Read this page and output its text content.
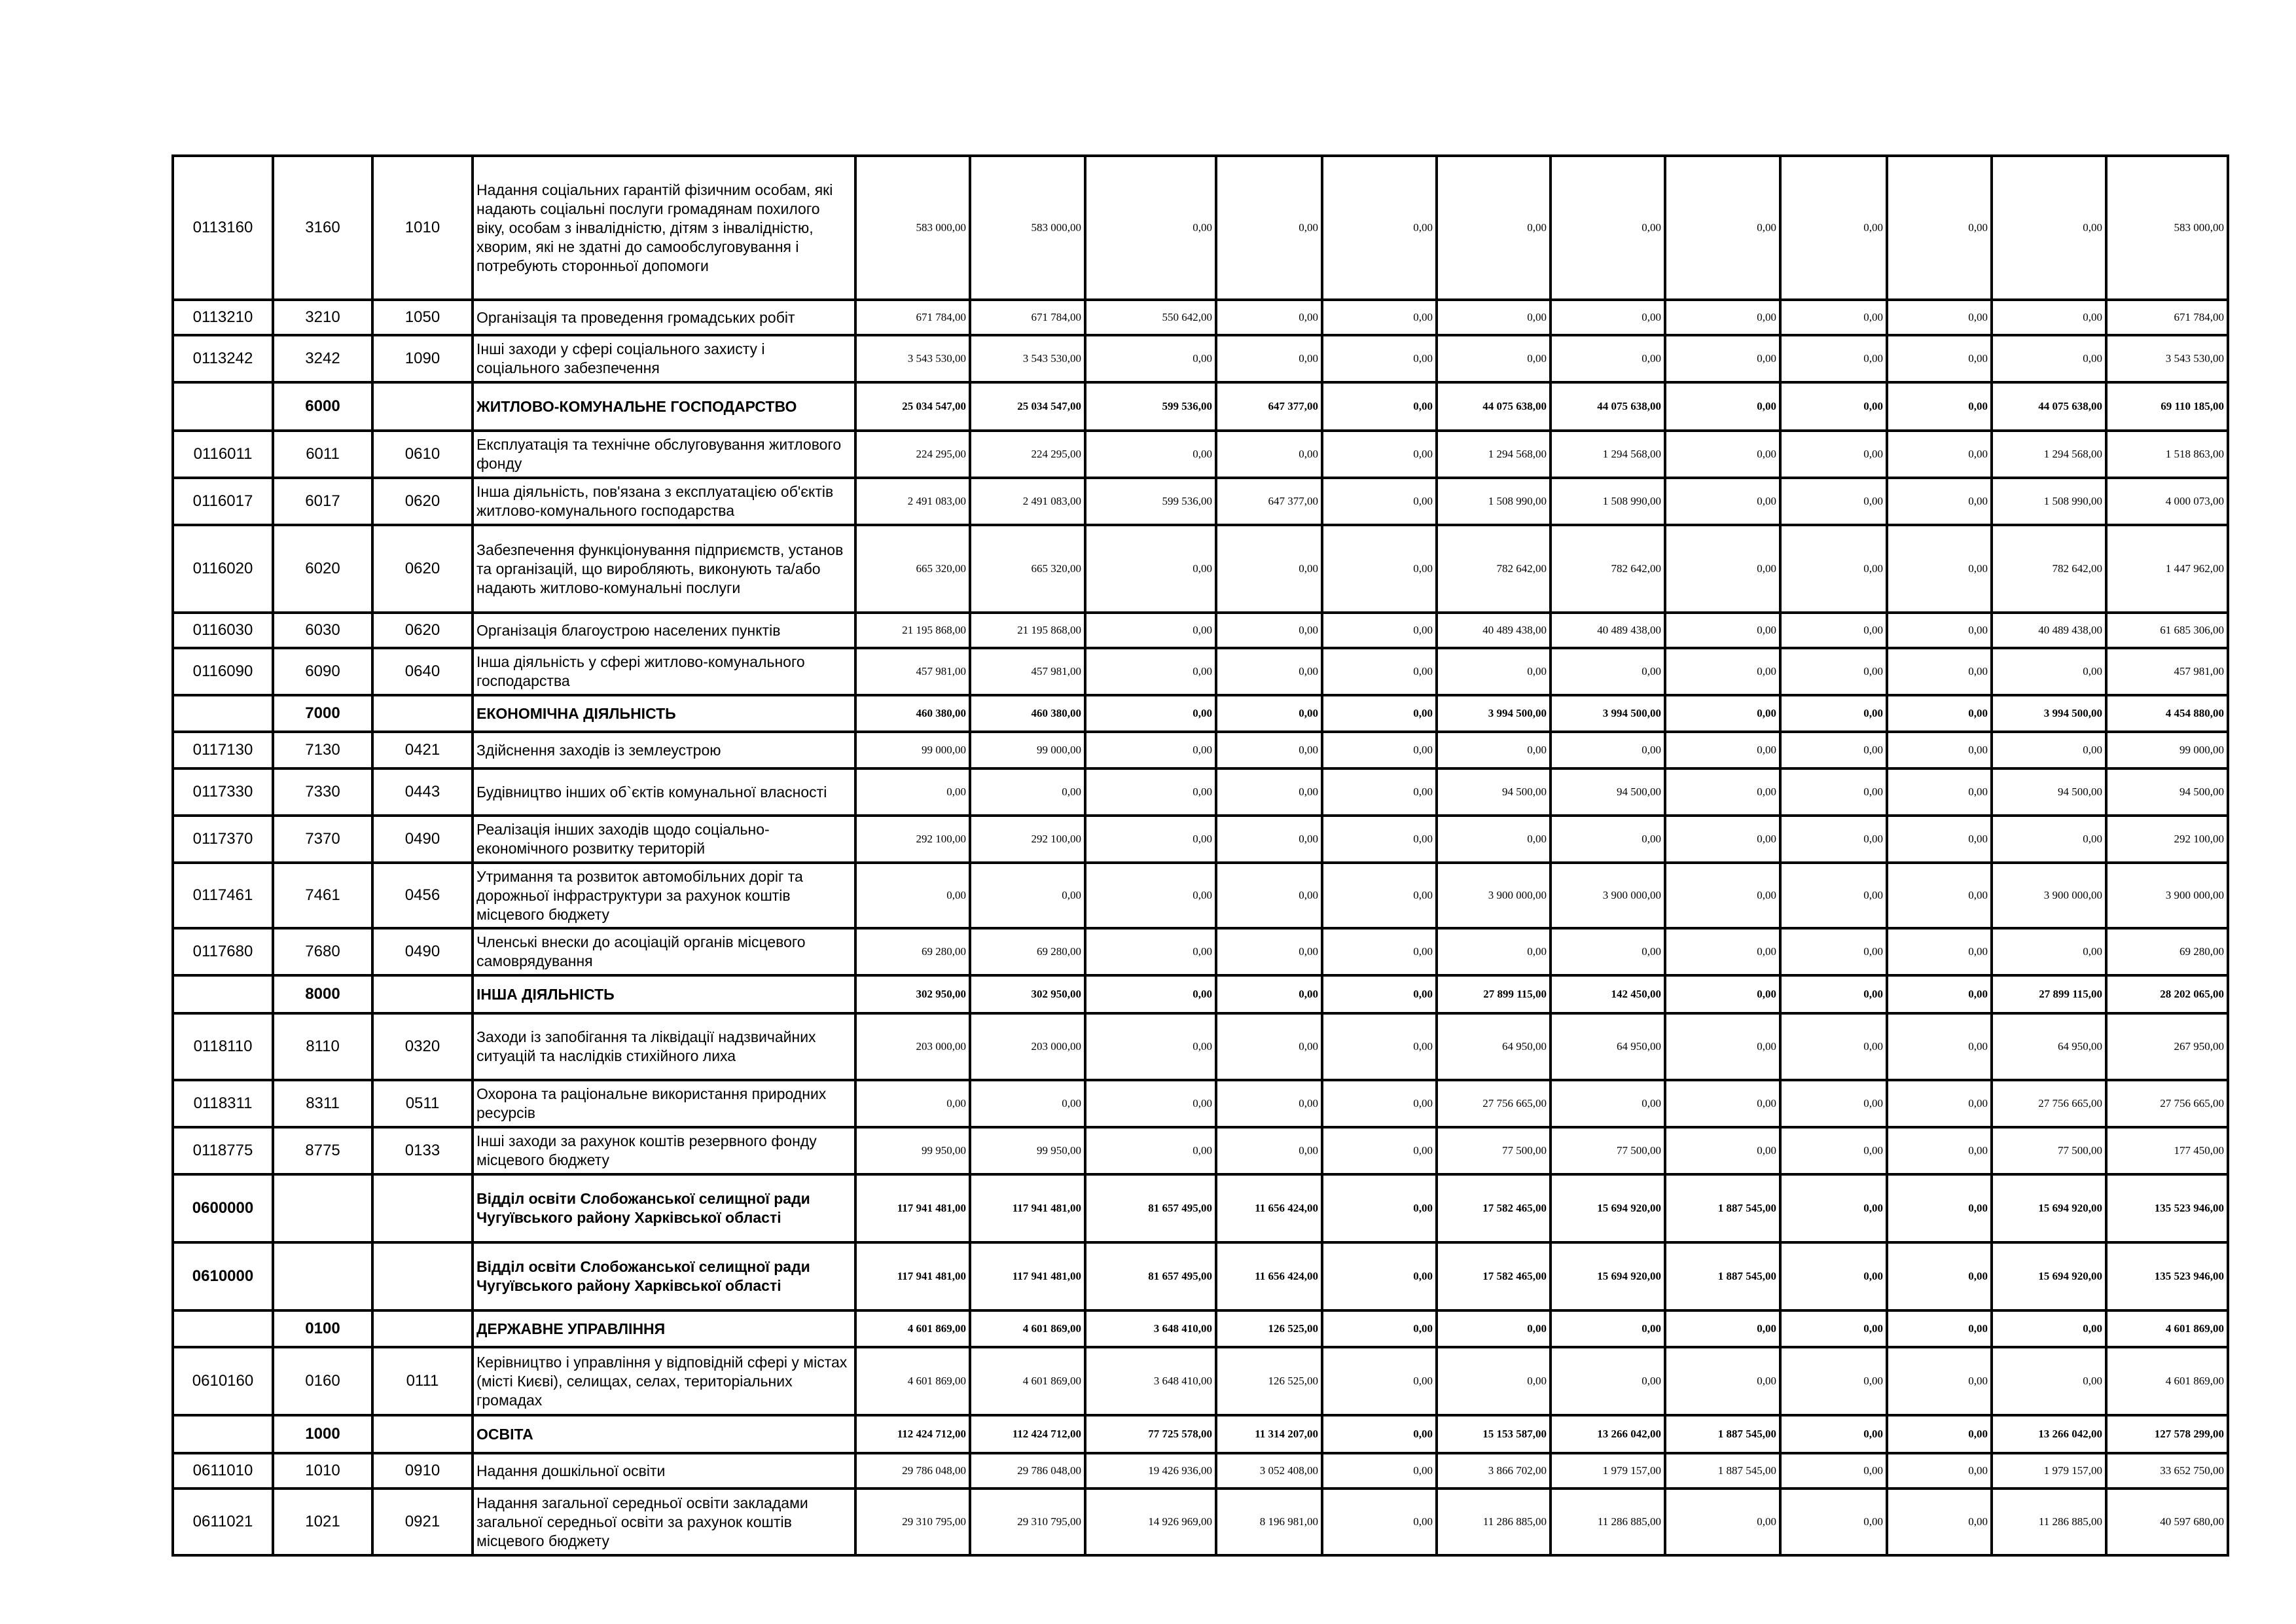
0113160	3160	1010	Надання соціальних гарантій фізичним особам, які надають соціальні послуги громадянам похилого віку, особам з інвалідністю, дітям з інвалідністю, хворим, які не здатні до самообслуговування і потребують сторонньої допомоги	583 000,00	583 000,00	0,00	0,00	0,00	0,00	0,00	0,00	0,00	0,00	0,00	583 000,00
0113210	3210	1050	Організація та проведення громадських робіт	671 784,00	671 784,00	550 642,00	0,00	0,00	0,00	0,00	0,00	0,00	0,00	0,00	671 784,00
0113242	3242	1090	Інші заходи у сфері соціального захисту і соціального забезпечення	3 543 530,00	3 543 530,00	0,00	0,00	0,00	0,00	0,00	0,00	0,00	0,00	0,00	3 543 530,00
	6000		ЖИТЛОВО-КОМУНАЛЬНЕ ГОСПОДАРСТВО	25 034 547,00	25 034 547,00	599 536,00	647 377,00	0,00	44 075 638,00	44 075 638,00	0,00	0,00	0,00	44 075 638,00	69 110 185,00
0116011	6011	0610	Експлуатація та технічне обслуговування житлового фонду	224 295,00	224 295,00	0,00	0,00	0,00	1 294 568,00	1 294 568,00	0,00	0,00	0,00	1 294 568,00	1 518 863,00
0116017	6017	0620	Інша діяльність, пов'язана з експлуатацією об'єктів житлово-комунального господарства	2 491 083,00	2 491 083,00	599 536,00	647 377,00	0,00	1 508 990,00	1 508 990,00	0,00	0,00	0,00	1 508 990,00	4 000 073,00
0116020	6020	0620	Забезпечення функціонування підприємств, установ та організацій, що виробляють, виконують та/або надають житлово-комунальні послуги	665 320,00	665 320,00	0,00	0,00	0,00	782 642,00	782 642,00	0,00	0,00	0,00	782 642,00	1 447 962,00
0116030	6030	0620	Організація благоустрою населених пунктів	21 195 868,00	21 195 868,00	0,00	0,00	0,00	40 489 438,00	40 489 438,00	0,00	0,00	0,00	40 489 438,00	61 685 306,00
0116090	6090	0640	Інша діяльність у сфері житлово-комунального господарства	457 981,00	457 981,00	0,00	0,00	0,00	0,00	0,00	0,00	0,00	0,00	0,00	457 981,00
	7000		ЕКОНОМІЧНА ДІЯЛЬНІСТЬ	460 380,00	460 380,00	0,00	0,00	0,00	3 994 500,00	3 994 500,00	0,00	0,00	0,00	3 994 500,00	4 454 880,00
0117130	7130	0421	Здійснення заходів із землеустрою	99 000,00	99 000,00	0,00	0,00	0,00	0,00	0,00	0,00	0,00	0,00	0,00	99 000,00
0117330	7330	0443	Будівництво інших об`єктів комунальної власності	0,00	0,00	0,00	0,00	0,00	94 500,00	94 500,00	0,00	0,00	0,00	94 500,00	94 500,00
0117370	7370	0490	Реалізація інших заходів щодо соціально-економічного розвитку територій	292 100,00	292 100,00	0,00	0,00	0,00	0,00	0,00	0,00	0,00	0,00	0,00	292 100,00
0117461	7461	0456	Утримання та розвиток автомобільних доріг та дорожньої інфраструктури за рахунок коштів місцевого бюджету	0,00	0,00	0,00	0,00	0,00	3 900 000,00	3 900 000,00	0,00	0,00	0,00	3 900 000,00	3 900 000,00
0117680	7680	0490	Членські внески до асоціацій органів місцевого самоврядування	69 280,00	69 280,00	0,00	0,00	0,00	0,00	0,00	0,00	0,00	0,00	0,00	69 280,00
	8000		ІНША ДІЯЛЬНІСТЬ	302 950,00	302 950,00	0,00	0,00	0,00	27 899 115,00	142 450,00	0,00	0,00	0,00	27 899 115,00	28 202 065,00
0118110	8110	0320	Заходи із запобігання та ліквідації надзвичайних ситуацій та наслідків стихійного лиха	203 000,00	203 000,00	0,00	0,00	0,00	64 950,00	64 950,00	0,00	0,00	0,00	64 950,00	267 950,00
0118311	8311	0511	Охорона та раціональне використання природних ресурсів	0,00	0,00	0,00	0,00	0,00	27 756 665,00	0,00	0,00	0,00	0,00	27 756 665,00	27 756 665,00
0118775	8775	0133	Інші заходи за рахунок коштів резервного фонду місцевого бюджету	99 950,00	99 950,00	0,00	0,00	0,00	77 500,00	77 500,00	0,00	0,00	0,00	77 500,00	177 450,00
0600000			Відділ освіти Слобожанської селищної ради Чугуївського району Харківської області	117 941 481,00	117 941 481,00	81 657 495,00	11 656 424,00	0,00	17 582 465,00	15 694 920,00	1 887 545,00	0,00	0,00	15 694 920,00	135 523 946,00
0610000			Відділ освіти Слобожанської селищної ради Чугуївського району Харківської області	117 941 481,00	117 941 481,00	81 657 495,00	11 656 424,00	0,00	17 582 465,00	15 694 920,00	1 887 545,00	0,00	0,00	15 694 920,00	135 523 946,00
	0100		ДЕРЖАВНЕ УПРАВЛІННЯ	4 601 869,00	4 601 869,00	3 648 410,00	126 525,00	0,00	0,00	0,00	0,00	0,00	0,00	0,00	4 601 869,00
0610160	0160	0111	Керівництво і управління у відповідній сфері у містах (місті Києві), селищах, селах, територіальних громадах	4 601 869,00	4 601 869,00	3 648 410,00	126 525,00	0,00	0,00	0,00	0,00	0,00	0,00	0,00	4 601 869,00
	1000		ОСВІТА	112 424 712,00	112 424 712,00	77 725 578,00	11 314 207,00	0,00	15 153 587,00	13 266 042,00	1 887 545,00	0,00	0,00	13 266 042,00	127 578 299,00
0611010	1010	0910	Надання дошкільної освіти	29 786 048,00	29 786 048,00	19 426 936,00	3 052 408,00	0,00	3 866 702,00	1 979 157,00	1 887 545,00	0,00	0,00	1 979 157,00	33 652 750,00
0611021	1021	0921	Надання загальної середньої освіти закладами загальної середньої освіти за рахунок коштів місцевого бюджету	29 310 795,00	29 310 795,00	14 926 969,00	8 196 981,00	0,00	11 286 885,00	11 286 885,00	0,00	0,00	0,00	11 286 885,00	40 597 680,00
